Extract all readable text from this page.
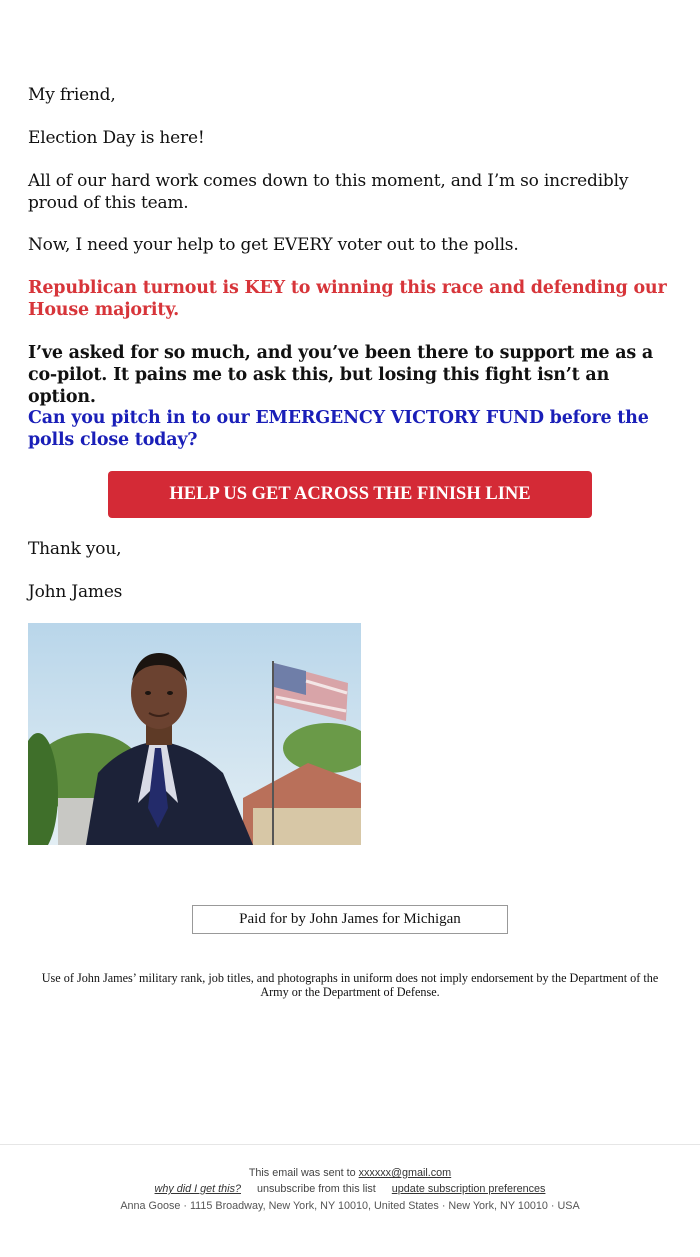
My friend,

Election Day is here!

All of our hard work comes down to this moment, and I’m so incredibly proud of this team.

Now, I need your help to get EVERY voter out to the polls.

Republican turnout is KEY to winning this race and defending our House majority.

I’ve asked for so much, and you’ve been there to support me as a co-pilot. It pains me to ask this, but losing this fight isn’t an option.

Can you pitch in to our EMERGENCY VICTORY FUND before the polls close today?

HELP US GET ACROSS THE FINISH LINE

Thank you,

John James

Paid for by John James for Michigan

Use of John James’ military rank, job titles, and photographs in uniform does not imply endorsement by the Department of the Army or the Department of Defense.

This email was sent to xxxxxx@gmail.com
why did I get this? unsubscribe from this list update subscription preferences
Anna Goose · 1115 Broadway, New York, NY 10010, United States · New York, NY 10010 · USA
